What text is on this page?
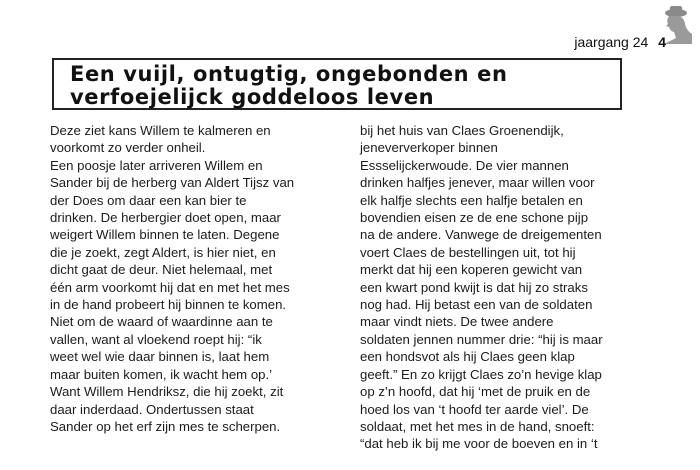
jaargang 24 4
Een vuijl, ontugtig, ongebonden en
verfoejelijck goddeloos leven
Deze ziet kans Willem te kalmeren en
voorkomt zo verder onheil.
Een poosje later arriveren Willem en
Sander bij de herberg van Aldert Tijsz van
der Does om daar een kan bier te
drinken. De herbergier doet open, maar
weigert Willem binnen te laten. Degene
die je zoekt, zegt Aldert, is hier niet, en
dicht gaat de deur. Niet helemaal, met
één arm voorkomt hij dat en met het mes
in de hand probeert hij binnen te komen.
Niet om de waard of waardinne aan te
vallen, want al vloekend roept hij: “ik
weet wel wie daar binnen is, laat hem
maar buiten komen, ik wacht hem op.’
Want Willem Hendriksz, die hij zoekt, zit
daar inderdaad. Ondertussen staat
Sander op het erf zijn mes te scherpen.
bij het huis van Claes Groenendijk,
jeneververkoper binnen
Essselijckerwoude. De vier mannen
drinken halfjes jenever, maar willen voor
elk halfje slechts een halfje betalen en
bovendien eisen ze de ene schone pijp
na de andere. Vanwege de dreigementen
voert Claes de bestellingen uit, tot hij
merkt dat hij een koperen gewicht van
een kwart pond kwijt is dat hij zo straks
nog had. Hij betast een van de soldaten
maar vindt niets. De twee andere
soldaten jennen nummer drie: “hij is maar
een hondsvot als hij Claes geen klap
geeft.” En zo krijgt Claes zo’n hevige klap
op z’n hoofd, dat hij ‘met de pruik en de
hoed los van ‘t hoofd ter aarde viel’. De
soldaat, met het mes in de hand, snoeft:
“dat heb ik bij me voor de boeven en in ‘t
